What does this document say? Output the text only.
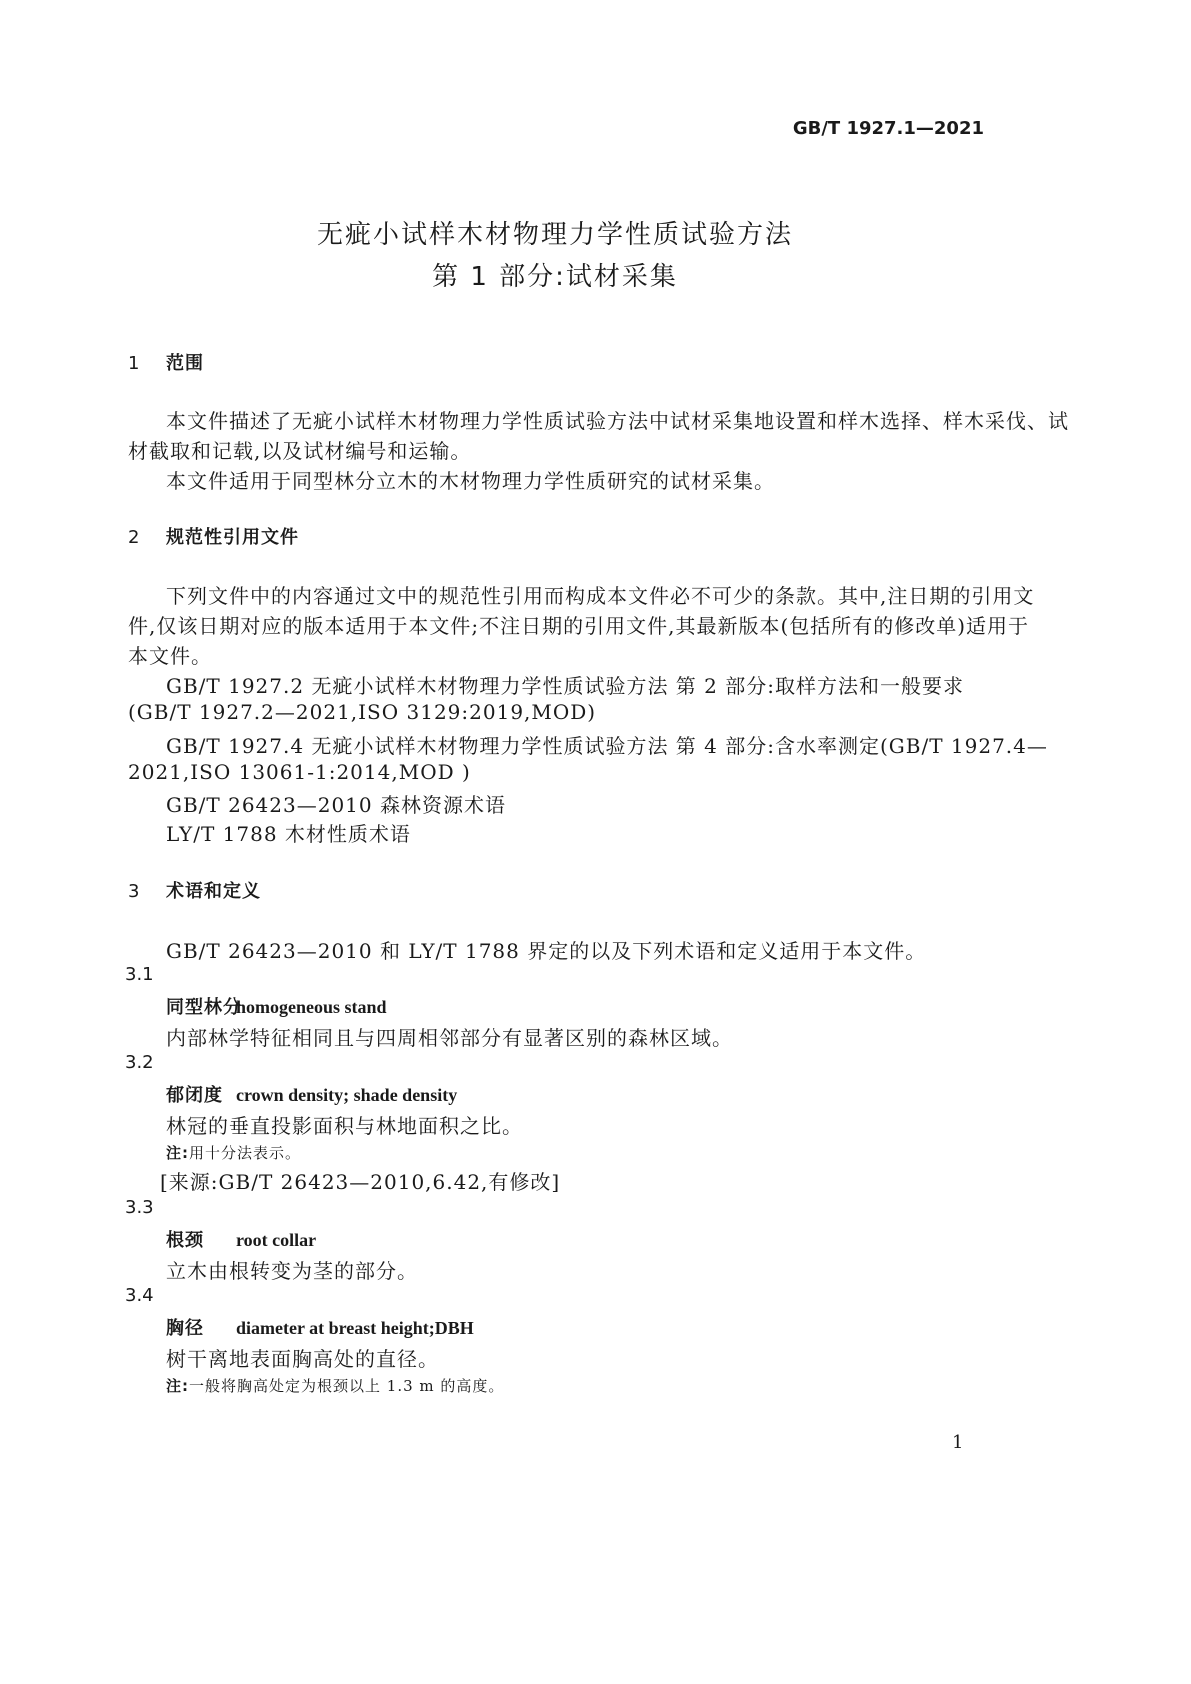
GB/T 1927.1—2021
无疵小试样木材物理力学性质试验方法
第 1 部分:试材采集
1 范围
本文件描述了无疵小试样木材物理力学性质试验方法中试材采集地设置和样木选择、样木采伐、试
材截取和记载,以及试材编号和运输。
本文件适用于同型林分立木的木材物理力学性质研究的试材采集。
2 规范性引用文件
下列文件中的内容通过文中的规范性引用而构成本文件必不可少的条款。其中,注日期的引用文
件,仅该日期对应的版本适用于本文件;不注日期的引用文件,其最新版本(包括所有的修改单)适用于
本文件。
GB/T 1927.2 无疵小试样木材物理力学性质试验方法 第 2 部分:取样方法和一般要求
(GB/T 1927.2—2021,ISO 3129:2019,MOD)
GB/T 1927.4 无疵小试样木材物理力学性质试验方法 第 4 部分:含水率测定(GB/T 1927.4—
2021,ISO 13061-1:2014,MOD )
GB/T 26423—2010 森林资源术语
LY/T 1788 木材性质术语
3 术语和定义
GB/T 26423—2010 和 LY/T 1788 界定的以及下列术语和定义适用于本文件。
3.1
同型林分homogeneous stand
内部林学特征相同且与四周相邻部分有显著区别的森林区域。
3.2
郁闭度 crown density; shade density
林冠的垂直投影面积与林地面积之比。
注:用十分法表示。
[来源:GB/T 26423—2010,6.42,有修改]
3.3
根颈 root collar
立木由根转变为茎的部分。
3.4
胸径 diameter at breast height;DBH
树干离地表面胸高处的直径。
注:一般将胸高处定为根颈以上 1.3 m 的高度。
1
